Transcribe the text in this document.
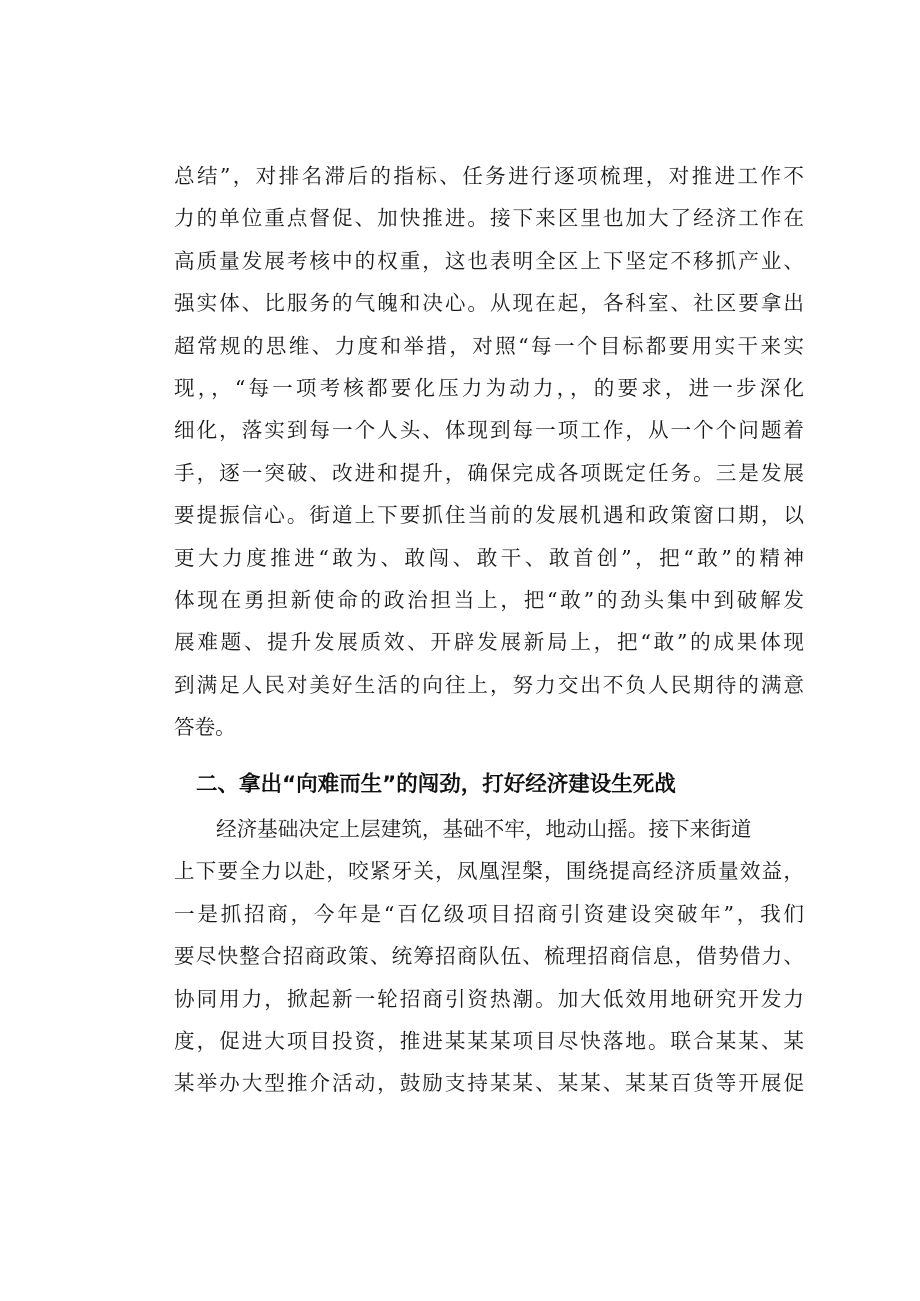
总结”，对排名滞后的指标、任务进行逐项梳理，对推进工作不
力的单位重点督促、加快推进。接下来区里也加大了经济工作在
高质量发展考核中的权重，这也表明全区上下坚定不移抓产业、
强实体、比服务的气魄和决心。从现在起，各科室、社区要拿出
超常规的思维、力度和举措，对照“每一个目标都要用实干来实
现，，“每一项考核都要化压力为动力，，的要求，进一步深化
细化，落实到每一个人头、体现到每一项工作，从一个个问题着
手，逐一突破、改进和提升，确保完成各项既定任务。三是发展
要提振信心。街道上下要抓住当前的发展机遇和政策窗口期，以
更大力度推进“敢为、敢闯、敢干、敢首创”，把“敢”的精神
体现在勇担新使命的政治担当上，把“敢”的劲头集中到破解发
展难题、提升发展质效、开辟发展新局上，把“敢”的成果体现
到满足人民对美好生活的向往上，努力交出不负人民期待的满意
答卷。
二、拿出“向难而生”的闯劲，打好经济建设生死战
经济基础决定上层建筑，基础不牢，地动山摇。接下来街道
上下要全力以赴，咬紧牙关，凤凰涅槃，围绕提高经济质量效益，
一是抓招商，今年是“百亿级项目招商引资建设突破年”，我们
要尽快整合招商政策、统筹招商队伍、梳理招商信息，借势借力、
协同用力，掀起新一轮招商引资热潮。加大低效用地研究开发力
度，促进大项目投资，推进某某某项目尽快落地。联合某某、某
某举办大型推介活动，鼓励支持某某、某某、某某百货等开展促
